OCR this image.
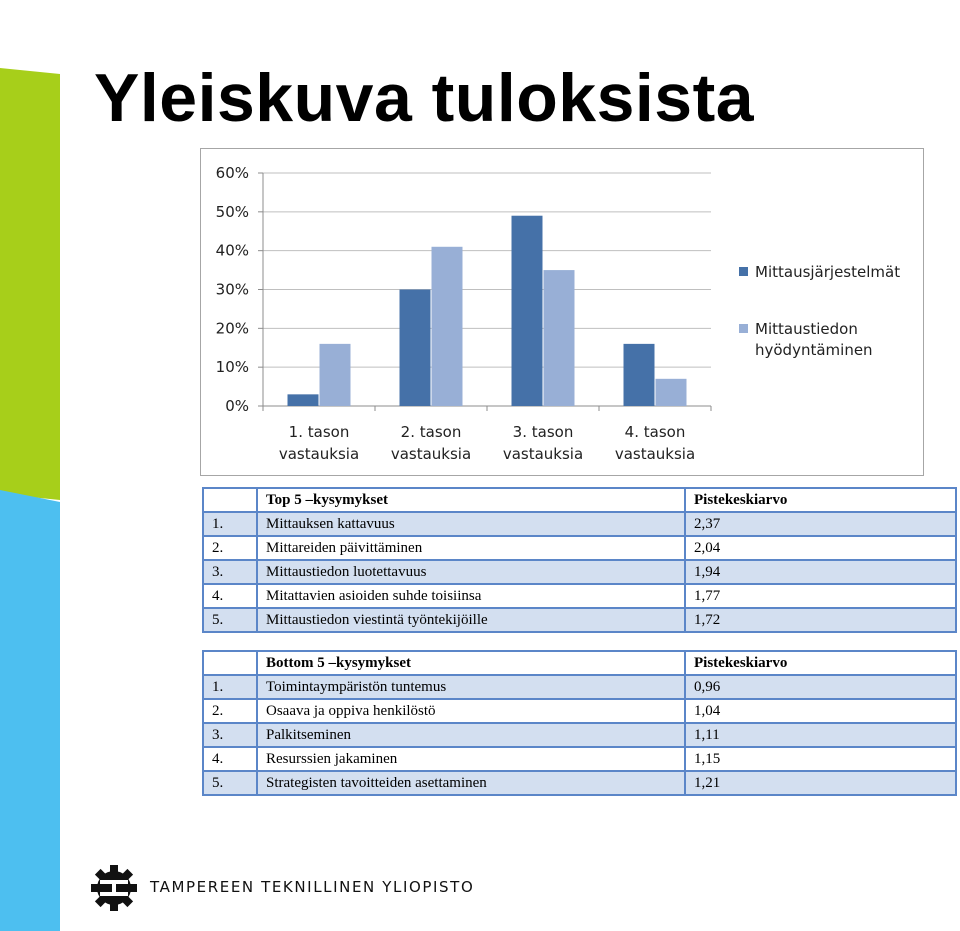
Yleiskuva tuloksista
0%
10%
20%
30%
40%
50%
60%
1. tason
vastauksia
2. tason
vastauksia
3. tason
vastauksia
4. tason
vastauksia
Mittausjärjestelmät
Mittaustiedon
hyödyntäminen
	Top 5 –kysymykset	Pistekeskiarvo
1.	Mittauksen kattavuus	2,37
2.	Mittareiden päivittäminen	2,04
3.	Mittaustiedon luotettavuus	1,94
4.	Mitattavien asioiden suhde toisiinsa	1,77
5.	Mittaustiedon viestintä työntekijöille	1,72
	Bottom 5 –kysymykset	Pistekeskiarvo
1.	Toimintaympäristön tuntemus	0,96
2.	Osaava ja oppiva henkilöstö	1,04
3.	Palkitseminen	1,11
4.	Resurssien jakaminen	1,15
5.	Strategisten tavoitteiden asettaminen	1,21
TAMPEREEN TEKNILLINEN YLIOPISTO
